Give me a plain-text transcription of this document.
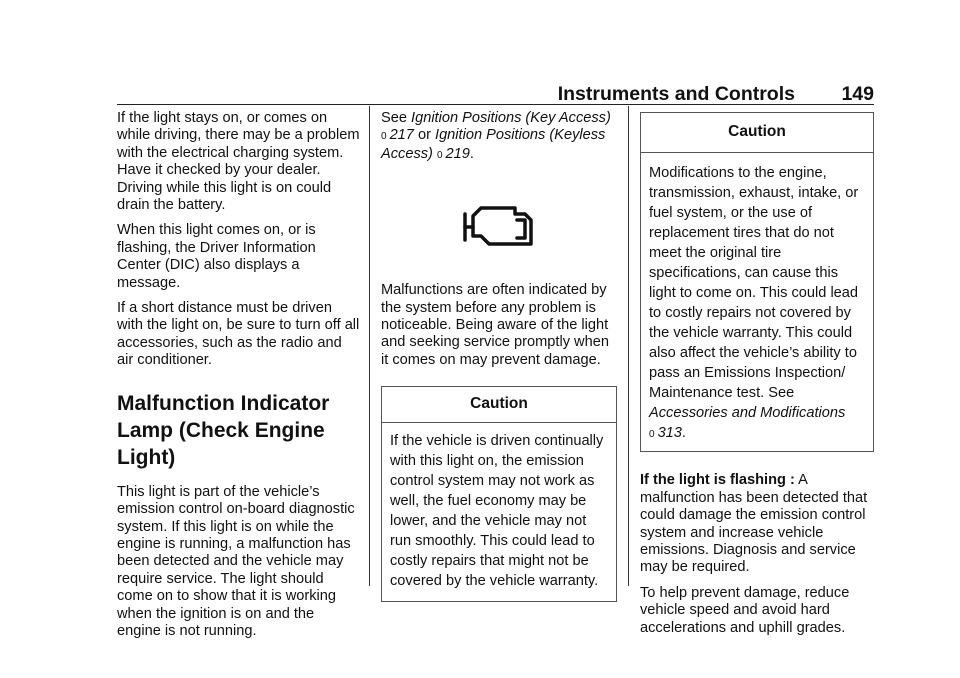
Instruments and Controls 149

If the light stays on, or comes on while driving, there may be a problem with the electrical charging system. Have it checked by your dealer. Driving while this light is on could drain the battery.

When this light comes on, or is flashing, the Driver Information Center (DIC) also displays a message.

If a short distance must be driven with the light on, be sure to turn off all accessories, such as the radio and air conditioner.

Malfunction Indicator
Lamp (Check Engine
Light)

This light is part of the vehicle’s emission control on-board diagnostic system. If this light is on while the engine is running, a malfunction has been detected and the vehicle may require service. The light should come on to show that it is working when the ignition is on and the engine is not running.

See Ignition Positions (Key Access) 0 217 or Ignition Positions (Keyless Access) 0 219.

Malfunctions are often indicated by the system before any problem is noticeable. Being aware of the light and seeking service promptly when it comes on may prevent damage.

Caution

If the vehicle is driven continually with this light on, the emission control system may not work as well, the fuel economy may be lower, and the vehicle may not run smoothly. This could lead to costly repairs that might not be covered by the vehicle warranty.

Caution

Modifications to the engine, transmission, exhaust, intake, or fuel system, or the use of replacement tires that do not meet the original tire specifications, can cause this light to come on. This could lead to costly repairs not covered by the vehicle warranty. This could also affect the vehicle’s ability to pass an Emissions Inspection/ Maintenance test. See
Accessories and Modifications
0 313.

If the light is flashing : A malfunction has been detected that could damage the emission control system and increase vehicle emissions. Diagnosis and service may be required.

To help prevent damage, reduce vehicle speed and avoid hard accelerations and uphill grades.
